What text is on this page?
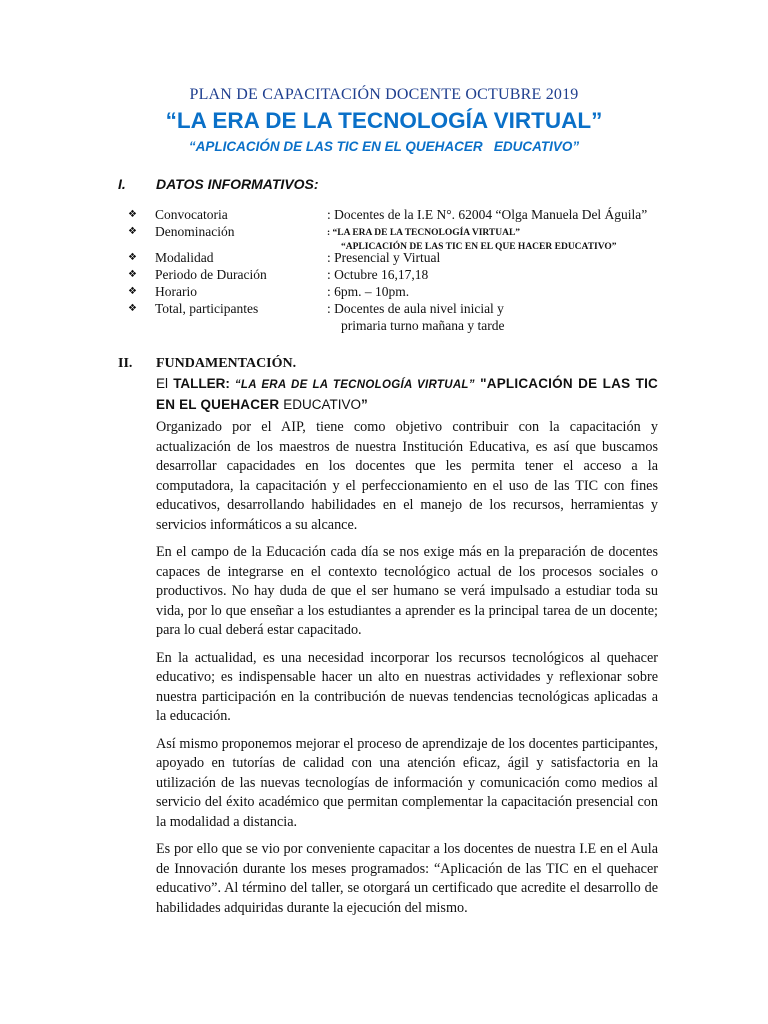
PLAN DE CAPACITACIÓN DOCENTE OCTUBRE 2019
“LA ERA DE LA TECNOLOGÍA VIRTUAL”
“APLICACIÓN DE LAS TIC EN EL QUEHACER   EDUCATIVO”
I. DATOS INFORMATIVOS:
❖ Convocatoria	: Docentes de la I.E N°. 62004 “Olga Manuela Del Águila”
❖ Denominación	: “LA ERA DE LA TECNOLOGÍA VIRTUAL”
“APLICACIÓN DE LAS TIC EN EL QUE HACER EDUCATIVO”
❖ Modalidad	: Presencial y Virtual
❖ Periodo de Duración	: Octubre 16,17,18
❖ Horario	: 6pm. – 10pm.
❖ Total, participantes	: Docentes de aula nivel inicial y
primaria turno mañana y tarde
II. FUNDAMENTACIÓN.
El TALLER: “LA ERA DE LA TECNOLOGÍA VIRTUAL” "APLICACIÓN DE LAS TIC EN EL QUEHACER EDUCATIVO”

Organizado por el AIP, tiene como objetivo contribuir con la capacitación y actualización de los maestros de nuestra Institución Educativa, es así que buscamos desarrollar capacidades en los docentes que les permita tener el acceso a la computadora, la capacitación y el perfeccionamiento en el uso de las TIC con fines educativos, desarrollando habilidades en el manejo de los recursos, herramientas y servicios informáticos a su alcance.

En el campo de la Educación cada día se nos exige más en la preparación de docentes capaces de integrarse en el contexto tecnológico actual de los procesos sociales o productivos. No hay duda de que el ser humano se verá impulsado a estudiar toda su vida, por lo que enseñar a los estudiantes a aprender es la principal tarea de un docente; para lo cual deberá estar capacitado.

En la actualidad, es una necesidad incorporar los recursos tecnológicos al quehacer educativo; es indispensable hacer un alto en nuestras actividades y reflexionar sobre nuestra participación en la contribución de nuevas tendencias tecnológicas aplicadas a la educación.

Así mismo proponemos mejorar el proceso de aprendizaje de los docentes participantes, apoyado en tutorías de calidad con una atención eficaz, ágil y satisfactoria en la utilización de las nuevas tecnologías de información y comunicación como medios al servicio del éxito académico que permitan complementar la capacitación presencial con la modalidad a distancia.

Es por ello que se vio por conveniente capacitar a los docentes de nuestra I.E en el Aula de Innovación durante los meses programados: “Aplicación de las TIC en el quehacer educativo”. Al término del taller, se otorgará un certificado que acredite el desarrollo de habilidades adquiridas durante la ejecución del mismo.
